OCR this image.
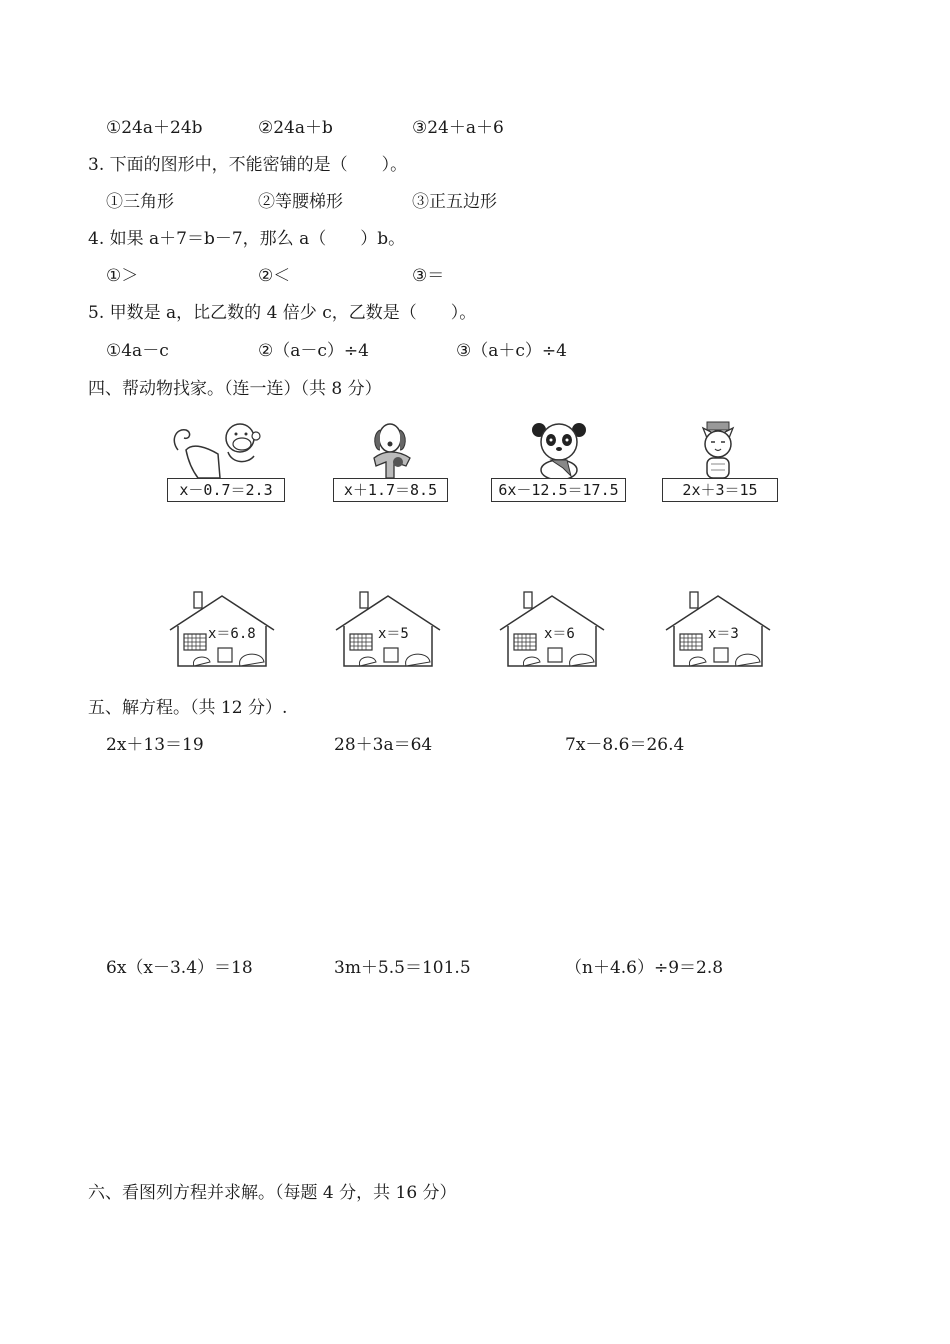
①24a＋24b	②24a＋b	③24＋a＋6
3. 下面的图形中，不能密铺的是（　　）。
①三角形	②等腰梯形	③正五边形
4. 如果 a＋7＝b－7，那么 a（　　）b。
①＞	②＜	③＝
5. 甲数是 a，比乙数的 4 倍少 c，乙数是（　　）。
①4a－c	②（a－c）÷4	③（a＋c）÷4
四、帮动物找家。（连一连）（共 8 分）
x－0.7＝2.3	x＋1.7＝8.5	6x－12.5＝17.5	2x＋3＝15
x＝6.8	x＝5	x＝6	x＝3
五、解方程。（共 12 分）.
2x＋13＝19	28＋3a＝64	7x－8.6＝26.4
6x（x－3.4）＝18	3m＋5.5＝101.5	（n＋4.6）÷9＝2.8
六、看图列方程并求解。（每题 4 分，共 16 分）
